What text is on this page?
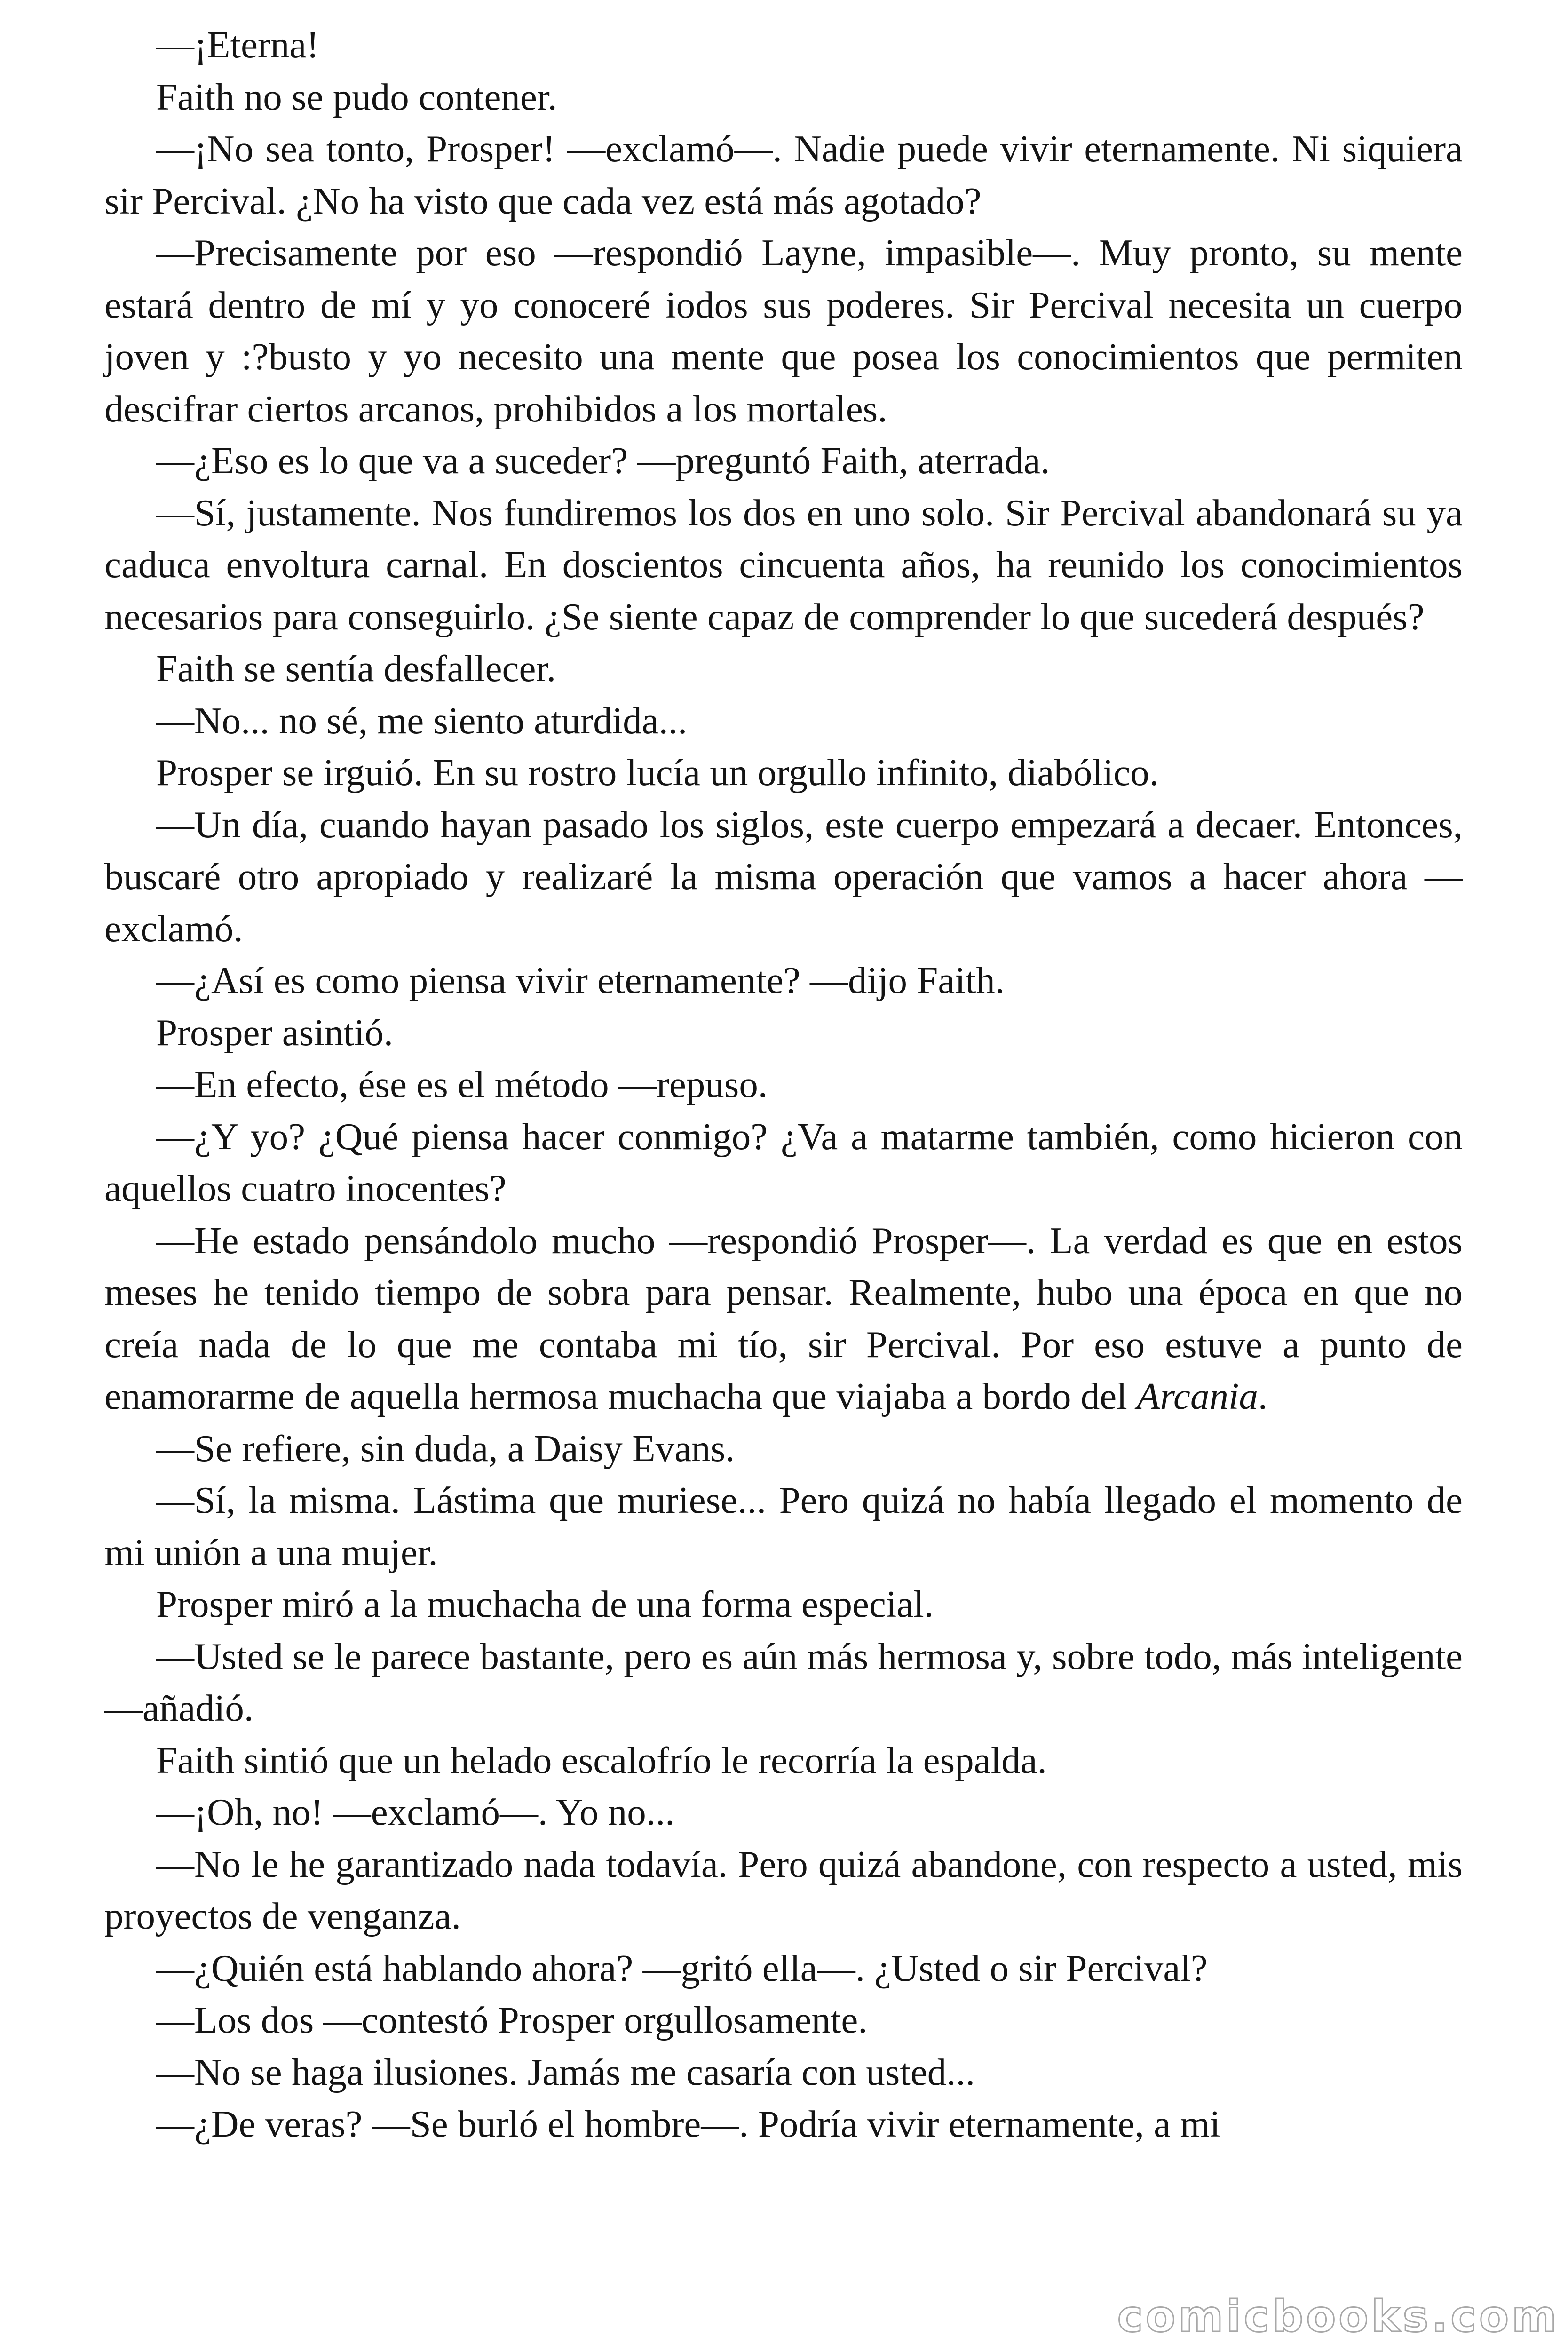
—¡Eterna!

Faith no se pudo contener.

—¡No sea tonto, Prosper! —exclamó—. Nadie puede vivir eternamente. Ni siquiera sir Percival. ¿No ha visto que cada vez está más agotado?

—Precisamente por eso —respondió Layne, impasible—. Muy pronto, su mente estará dentro de mí y yo conoceré iodos sus poderes. Sir Percival necesita un cuerpo joven y :?busto y yo necesito una mente que posea los conocimientos que permiten descifrar ciertos arcanos, prohibidos a los mortales.

—¿Eso es lo que va a suceder? —preguntó Faith, aterrada.

—Sí, justamente. Nos fundiremos los dos en uno solo. Sir Percival abandonará su ya caduca envoltura carnal. En doscientos cincuenta años, ha reunido los conocimientos necesarios para conseguirlo. ¿Se siente capaz de comprender lo que sucederá después?

Faith se sentía desfallecer.

—No... no sé, me siento aturdida...

Prosper se irguió. En su rostro lucía un orgullo infinito, diabólico.

—Un día, cuando hayan pasado los siglos, este cuerpo empezará a decaer. Entonces, buscaré otro apropiado y realizaré la misma operación que vamos a hacer ahora —exclamó.

—¿Así es como piensa vivir eternamente? —dijo Faith.

Prosper asintió.

—En efecto, ése es el método —repuso.

—¿Y yo? ¿Qué piensa hacer conmigo? ¿Va a matarme también, como hicieron con aquellos cuatro inocentes?

—He estado pensándolo mucho —respondió Prosper—. La verdad es que en estos meses he tenido tiempo de sobra para pensar. Realmente, hubo una época en que no creía nada de lo que me contaba mi tío, sir Percival. Por eso estuve a punto de enamorarme de aquella hermosa muchacha que viajaba a bordo del Arcania.

—Se refiere, sin duda, a Daisy Evans.

—Sí, la misma. Lástima que muriese... Pero quizá no había llegado el momento de mi unión a una mujer.

Prosper miró a la muchacha de una forma especial.

—Usted se le parece bastante, pero es aún más hermosa y, sobre todo, más inteligente —añadió.

Faith sintió que un helado escalofrío le recorría la espalda.

—¡Oh, no! —exclamó—. Yo no...

—No le he garantizado nada todavía. Pero quizá abandone, con respecto a usted, mis proyectos de venganza.

—¿Quién está hablando ahora? —gritó ella—. ¿Usted o sir Percival?

—Los dos —contestó Prosper orgullosamente.

—No se haga ilusiones. Jamás me casaría con usted...

—¿De veras? —Se burló el hombre—. Podría vivir eternamente, a mi

comicbooks.com
